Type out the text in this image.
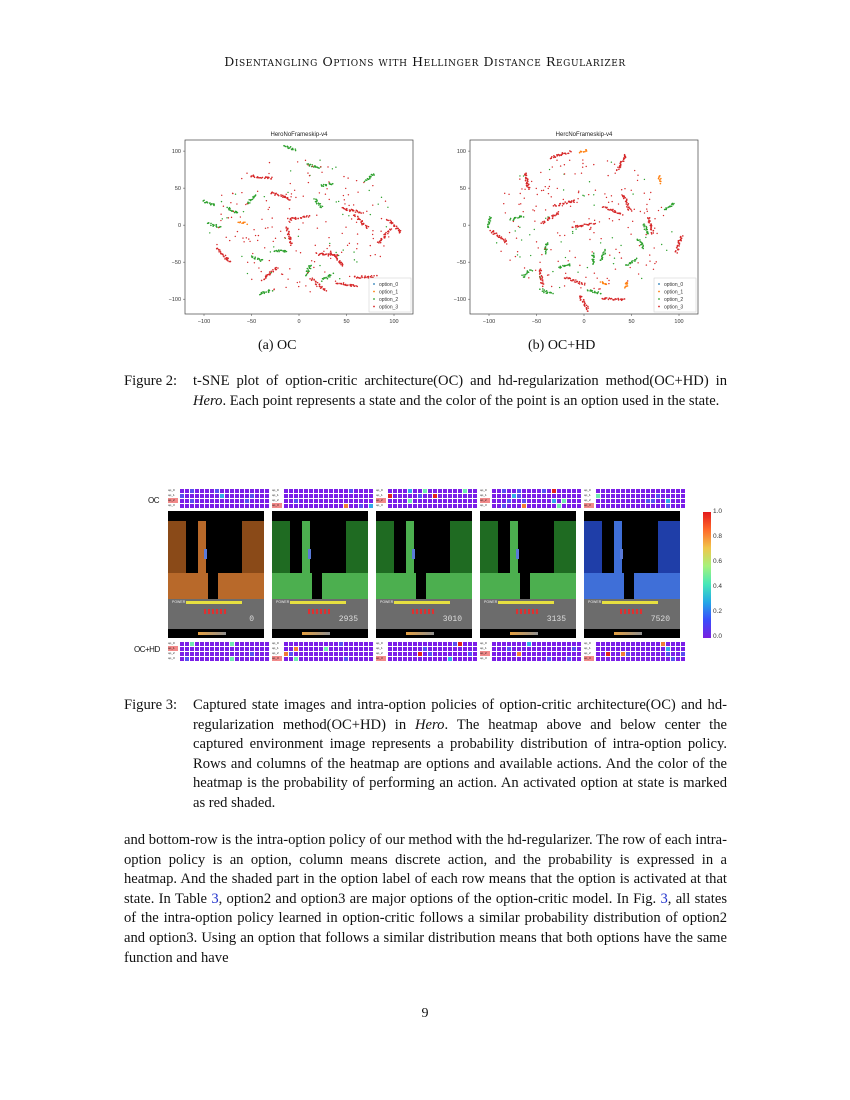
Disentangling Options with Hellinger Distance Regularizer
HeroNoFrameskip-v4
−100	−50	0	50	100
−100
−50
0
50
100
option_0
option_1
option_2
option_3
HercNoFrameskip-v4
−100	−50	0	50	100
−100
−50
0
50
100
option_0
option_1
option_2
option_3
(a) OC	(b) OC+HD
Figure 2: t-SNE plot of option-critic architecture(OC) and hd-regularization method(OC+HD) in Hero. Each point represents a state and the color of the point is an option used in the state.
OC
OC+HD
op_0
op_1
op_2
op_3
op_0
op_1
op_2
op_3
POWER
0
op_0
op_1
op_2
op_3
op_0
op_1
op_2
op_3
POWER
2935
op_0
op_1
op_2
op_3
op_0
op_1
op_2
op_3
POWER
3010
op_0
op_1
op_2
op_3
op_0
op_1
op_2
op_3
POWER
3135
op_0
op_1
op_2
op_3
op_0
op_1
op_2
op_3
POWER
7520
1.0
0.8
0.6
0.4
0.2
0.0
Figure 3: Captured state images and intra-option policies of option-critic architecture(OC) and hd-regularization method(OC+HD) in Hero. The heatmap above and below center the captured environment image represents a probability distribution of intra-option policy. Rows and columns of the heatmap are options and available actions. And the color of the heatmap is the probability of performing an action. An activated option at state is marked as red shaded.
and bottom-row is the intra-option policy of our method with the hd-regularizer. The row of each intra-option policy is an option, column means discrete action, and the probability is expressed in a heatmap. And the shaded part in the option label of each row means that the option is activated at that state. In Table 3, option2 and option3 are major options of the option-critic model. In Fig. 3, all states of the intra-option policy learned in option-critic follows a similar probability distribution of option2 and option3. Using an option that follows a similar distribution means that both options have the same function and have
9
